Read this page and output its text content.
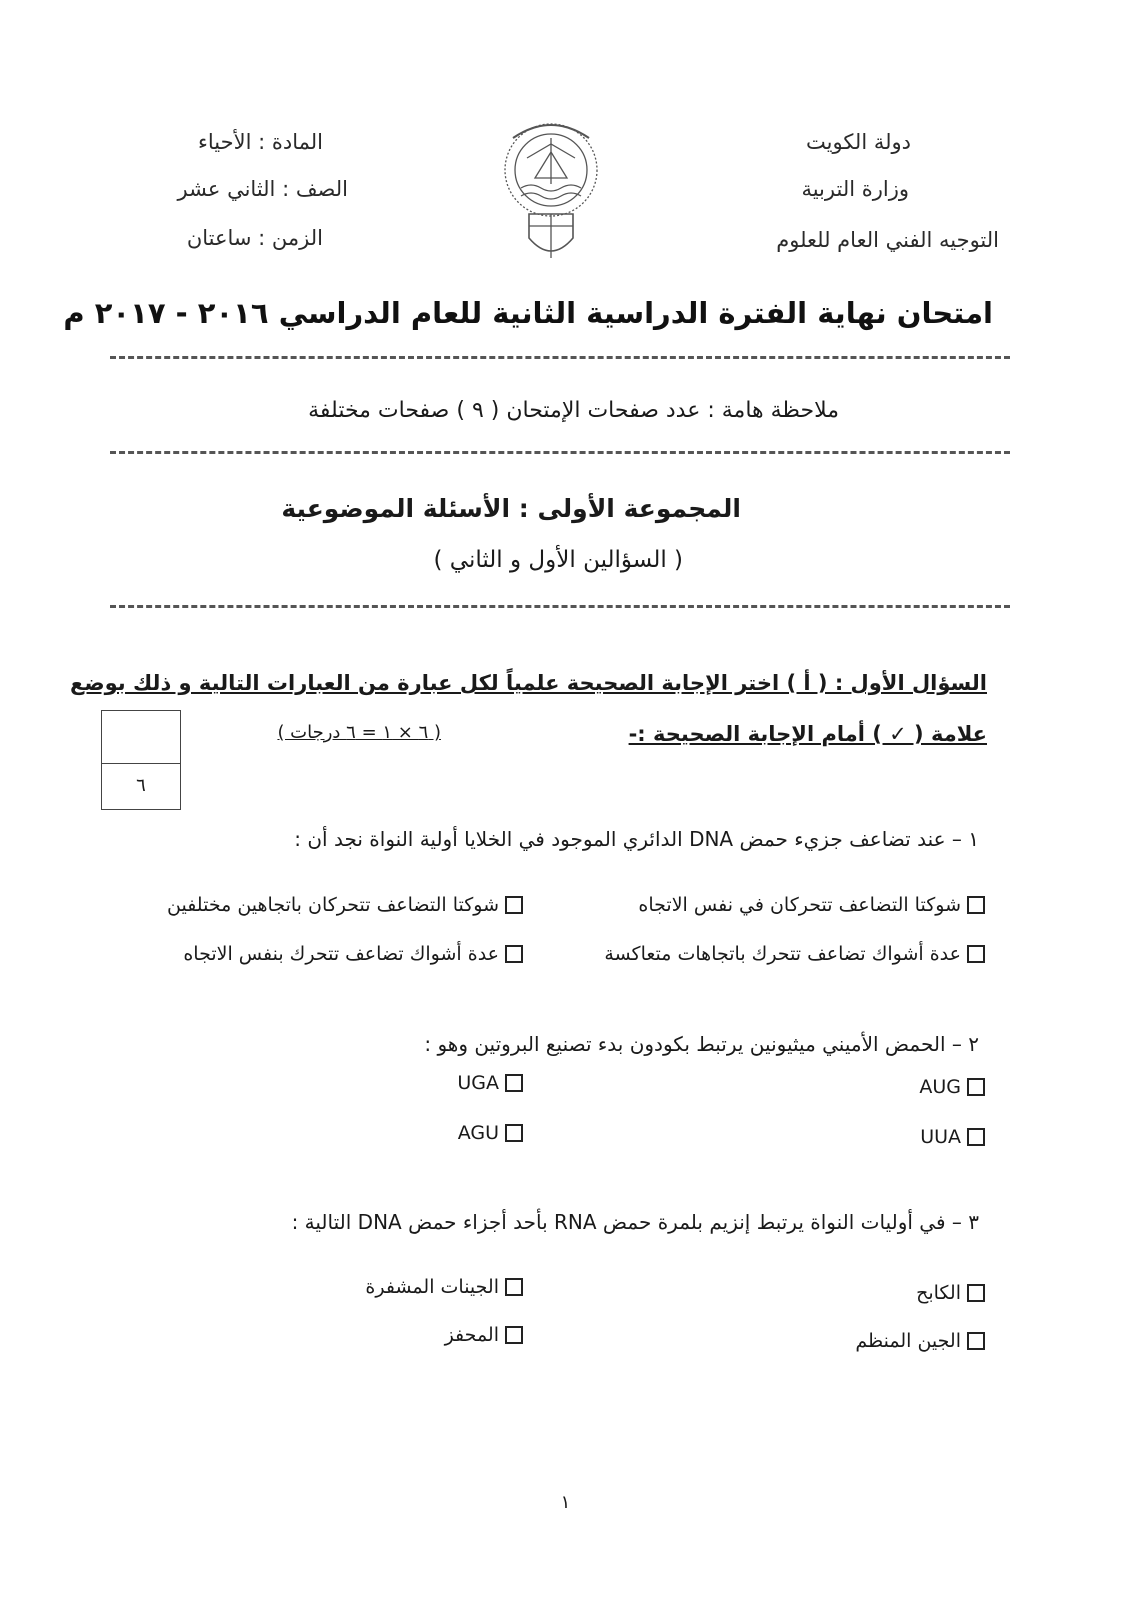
دولة الكويت
وزارة التربية
التوجيه الفني العام للعلوم
المادة : الأحياء
الصف : الثاني عشر
الزمن : ساعتان
امتحان نهاية الفترة الدراسية الثانية للعام الدراسي ٢٠١٦ - ٢٠١٧ م
ملاحظة هامة : عدد صفحات الإمتحان ( ٩ ) صفحات مختلفة
المجموعة الأولى : الأسئلة الموضوعية
( السؤالين الأول و الثاني )
السؤال الأول : ( أ ) اختر الإجابة الصحيحة علمياً لكل عبارة من العبارات التالية و ذلك بوضع
علامة ( ✓ ) أمام الإجابة الصحيحة :-
( ٦ × ١ = ٦ درجات )
٦
١ – عند تضاعف جزيء حمض DNA الدائري الموجود في الخلايا أولية النواة نجد أن :
شوكتا التضاعف تتحركان في نفس الاتجاه
شوكتا التضاعف تتحركان باتجاهين مختلفين
عدة أشواك تضاعف تتحرك باتجاهات متعاكسة
عدة أشواك تضاعف تتحرك بنفس الاتجاه
٢ – الحمض الأميني ميثيونين يرتبط بكودون بدء تصنيع البروتين وهو :
AUG
UGA
UUA
AGU
٣ – في أوليات النواة يرتبط إنزيم بلمرة حمض RNA بأحد أجزاء حمض DNA التالية :
الكابح
الجينات المشفرة
الجين المنظم
المحفز
١
